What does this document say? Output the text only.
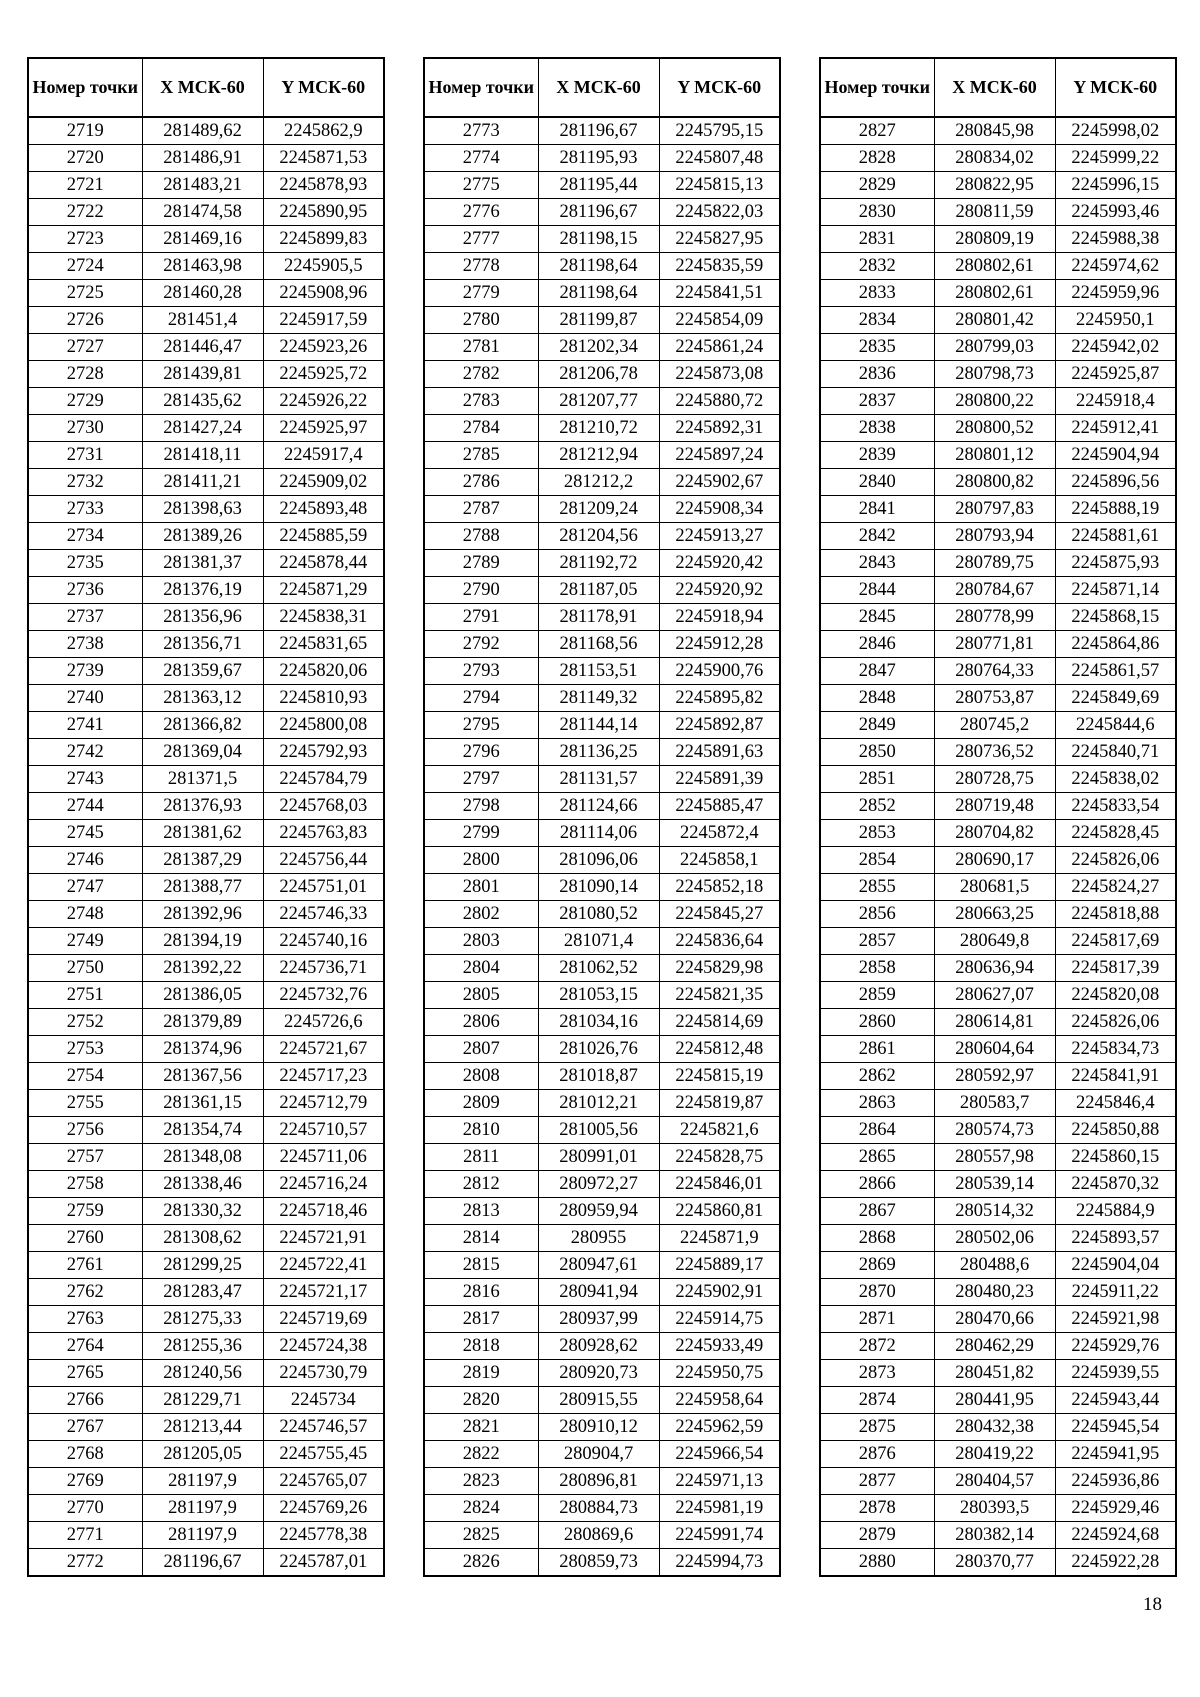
Номер точки	X МСК-60	Y МСК-60
2719	281489,62	2245862,9
2720	281486,91	2245871,53
2721	281483,21	2245878,93
2722	281474,58	2245890,95
2723	281469,16	2245899,83
2724	281463,98	2245905,5
2725	281460,28	2245908,96
2726	281451,4	2245917,59
2727	281446,47	2245923,26
2728	281439,81	2245925,72
2729	281435,62	2245926,22
2730	281427,24	2245925,97
2731	281418,11	2245917,4
2732	281411,21	2245909,02
2733	281398,63	2245893,48
2734	281389,26	2245885,59
2735	281381,37	2245878,44
2736	281376,19	2245871,29
2737	281356,96	2245838,31
2738	281356,71	2245831,65
2739	281359,67	2245820,06
2740	281363,12	2245810,93
2741	281366,82	2245800,08
2742	281369,04	2245792,93
2743	281371,5	2245784,79
2744	281376,93	2245768,03
2745	281381,62	2245763,83
2746	281387,29	2245756,44
2747	281388,77	2245751,01
2748	281392,96	2245746,33
2749	281394,19	2245740,16
2750	281392,22	2245736,71
2751	281386,05	2245732,76
2752	281379,89	2245726,6
2753	281374,96	2245721,67
2754	281367,56	2245717,23
2755	281361,15	2245712,79
2756	281354,74	2245710,57
2757	281348,08	2245711,06
2758	281338,46	2245716,24
2759	281330,32	2245718,46
2760	281308,62	2245721,91
2761	281299,25	2245722,41
2762	281283,47	2245721,17
2763	281275,33	2245719,69
2764	281255,36	2245724,38
2765	281240,56	2245730,79
2766	281229,71	2245734
2767	281213,44	2245746,57
2768	281205,05	2245755,45
2769	281197,9	2245765,07
2770	281197,9	2245769,26
2771	281197,9	2245778,38
2772	281196,67	2245787,01
Номер точки	X МСК-60	Y МСК-60
2773	281196,67	2245795,15
2774	281195,93	2245807,48
2775	281195,44	2245815,13
2776	281196,67	2245822,03
2777	281198,15	2245827,95
2778	281198,64	2245835,59
2779	281198,64	2245841,51
2780	281199,87	2245854,09
2781	281202,34	2245861,24
2782	281206,78	2245873,08
2783	281207,77	2245880,72
2784	281210,72	2245892,31
2785	281212,94	2245897,24
2786	281212,2	2245902,67
2787	281209,24	2245908,34
2788	281204,56	2245913,27
2789	281192,72	2245920,42
2790	281187,05	2245920,92
2791	281178,91	2245918,94
2792	281168,56	2245912,28
2793	281153,51	2245900,76
2794	281149,32	2245895,82
2795	281144,14	2245892,87
2796	281136,25	2245891,63
2797	281131,57	2245891,39
2798	281124,66	2245885,47
2799	281114,06	2245872,4
2800	281096,06	2245858,1
2801	281090,14	2245852,18
2802	281080,52	2245845,27
2803	281071,4	2245836,64
2804	281062,52	2245829,98
2805	281053,15	2245821,35
2806	281034,16	2245814,69
2807	281026,76	2245812,48
2808	281018,87	2245815,19
2809	281012,21	2245819,87
2810	281005,56	2245821,6
2811	280991,01	2245828,75
2812	280972,27	2245846,01
2813	280959,94	2245860,81
2814	280955	2245871,9
2815	280947,61	2245889,17
2816	280941,94	2245902,91
2817	280937,99	2245914,75
2818	280928,62	2245933,49
2819	280920,73	2245950,75
2820	280915,55	2245958,64
2821	280910,12	2245962,59
2822	280904,7	2245966,54
2823	280896,81	2245971,13
2824	280884,73	2245981,19
2825	280869,6	2245991,74
2826	280859,73	2245994,73
Номер точки	X МСК-60	Y МСК-60
2827	280845,98	2245998,02
2828	280834,02	2245999,22
2829	280822,95	2245996,15
2830	280811,59	2245993,46
2831	280809,19	2245988,38
2832	280802,61	2245974,62
2833	280802,61	2245959,96
2834	280801,42	2245950,1
2835	280799,03	2245942,02
2836	280798,73	2245925,87
2837	280800,22	2245918,4
2838	280800,52	2245912,41
2839	280801,12	2245904,94
2840	280800,82	2245896,56
2841	280797,83	2245888,19
2842	280793,94	2245881,61
2843	280789,75	2245875,93
2844	280784,67	2245871,14
2845	280778,99	2245868,15
2846	280771,81	2245864,86
2847	280764,33	2245861,57
2848	280753,87	2245849,69
2849	280745,2	2245844,6
2850	280736,52	2245840,71
2851	280728,75	2245838,02
2852	280719,48	2245833,54
2853	280704,82	2245828,45
2854	280690,17	2245826,06
2855	280681,5	2245824,27
2856	280663,25	2245818,88
2857	280649,8	2245817,69
2858	280636,94	2245817,39
2859	280627,07	2245820,08
2860	280614,81	2245826,06
2861	280604,64	2245834,73
2862	280592,97	2245841,91
2863	280583,7	2245846,4
2864	280574,73	2245850,88
2865	280557,98	2245860,15
2866	280539,14	2245870,32
2867	280514,32	2245884,9
2868	280502,06	2245893,57
2869	280488,6	2245904,04
2870	280480,23	2245911,22
2871	280470,66	2245921,98
2872	280462,29	2245929,76
2873	280451,82	2245939,55
2874	280441,95	2245943,44
2875	280432,38	2245945,54
2876	280419,22	2245941,95
2877	280404,57	2245936,86
2878	280393,5	2245929,46
2879	280382,14	2245924,68
2880	280370,77	2245922,28
18
